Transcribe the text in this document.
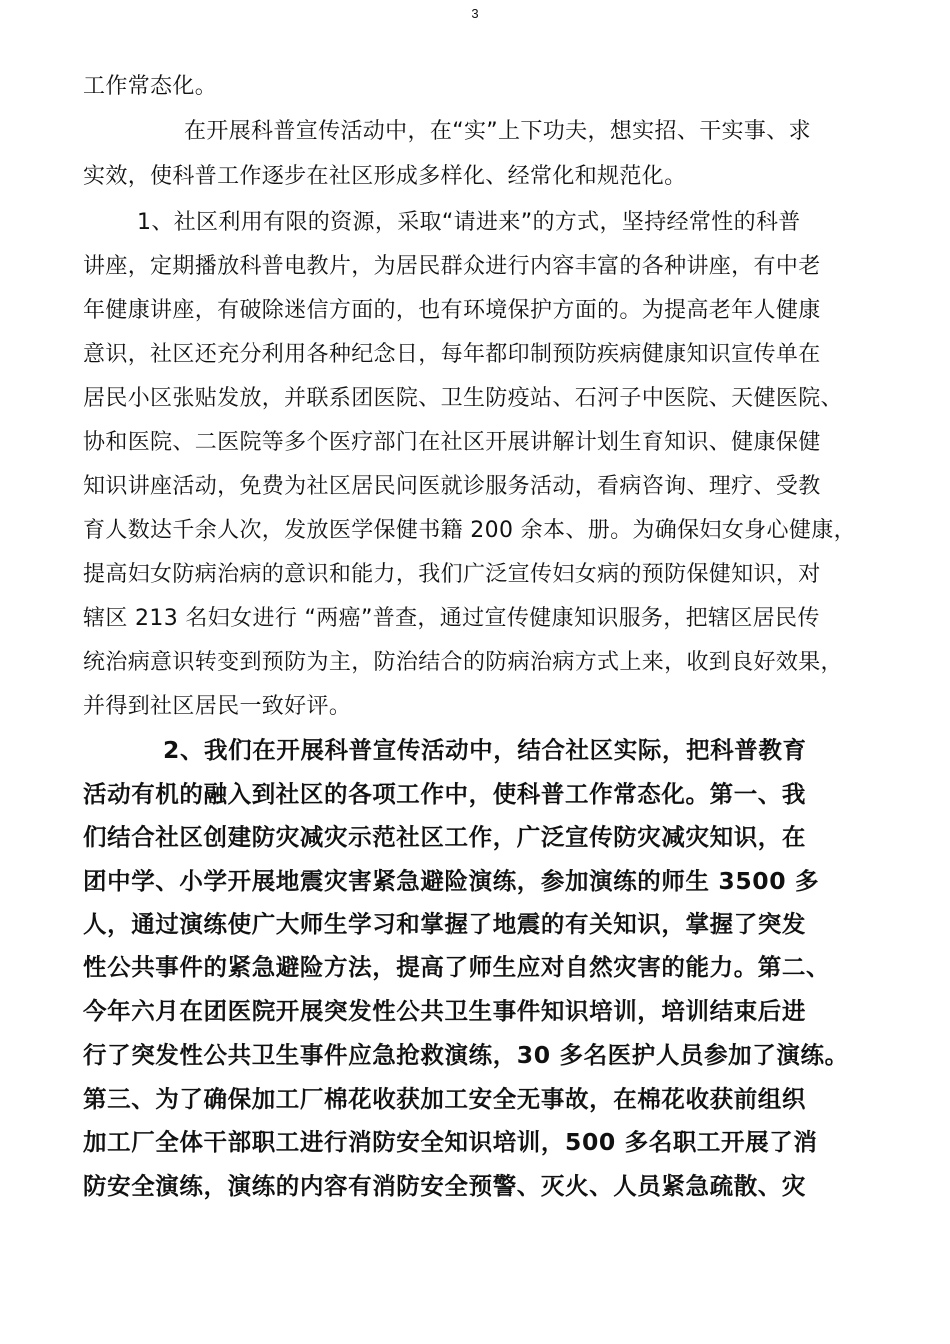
3
工作常态化。
在开展科普宣传活动中，在“实”上下功夫，想实招、干实事、求
实效，使科普工作逐步在社区形成多样化、经常化和规范化。
1、社区利用有限的资源，采取“请进来”的方式，坚持经常性的科普
讲座，定期播放科普电教片，为居民群众进行内容丰富的各种讲座，有中老
年健康讲座，有破除迷信方面的，也有环境保护方面的。为提高老年人健康
意识，社区还充分利用各种纪念日，每年都印制预防疾病健康知识宣传单在
居民小区张贴发放，并联系团医院、卫生防疫站、石河子中医院、天健医院、
协和医院、二医院等多个医疗部门在社区开展讲解计划生育知识、健康保健
知识讲座活动，免费为社区居民问医就诊服务活动，看病咨询、理疗、受教
育人数达千余人次，发放医学保健书籍 200 余本、册。为确保妇女身心健康，
提高妇女防病治病的意识和能力，我们广泛宣传妇女病的预防保健知识，对
辖区 213 名妇女进行 “两癌”普查，通过宣传健康知识服务，把辖区居民传
统治病意识转变到预防为主，防治结合的防病治病方式上来，收到良好效果，
并得到社区居民一致好评。
2、我们在开展科普宣传活动中，结合社区实际，把科普教育
活动有机的融入到社区的各项工作中，使科普工作常态化。第一、我
们结合社区创建防灾减灾示范社区工作，广泛宣传防灾减灾知识，在
团中学、小学开展地震灾害紧急避险演练，参加演练的师生 3500 多
人，通过演练使广大师生学习和掌握了地震的有关知识，掌握了突发
性公共事件的紧急避险方法，提高了师生应对自然灾害的能力。第二、
今年六月在团医院开展突发性公共卫生事件知识培训，培训结束后进
行了突发性公共卫生事件应急抢救演练，30 多名医护人员参加了演练。
第三、为了确保加工厂棉花收获加工安全无事故，在棉花收获前组织
加工厂全体干部职工进行消防安全知识培训，500 多名职工开展了消
防安全演练，演练的内容有消防安全预警、灭火、人员紧急疏散、灾
